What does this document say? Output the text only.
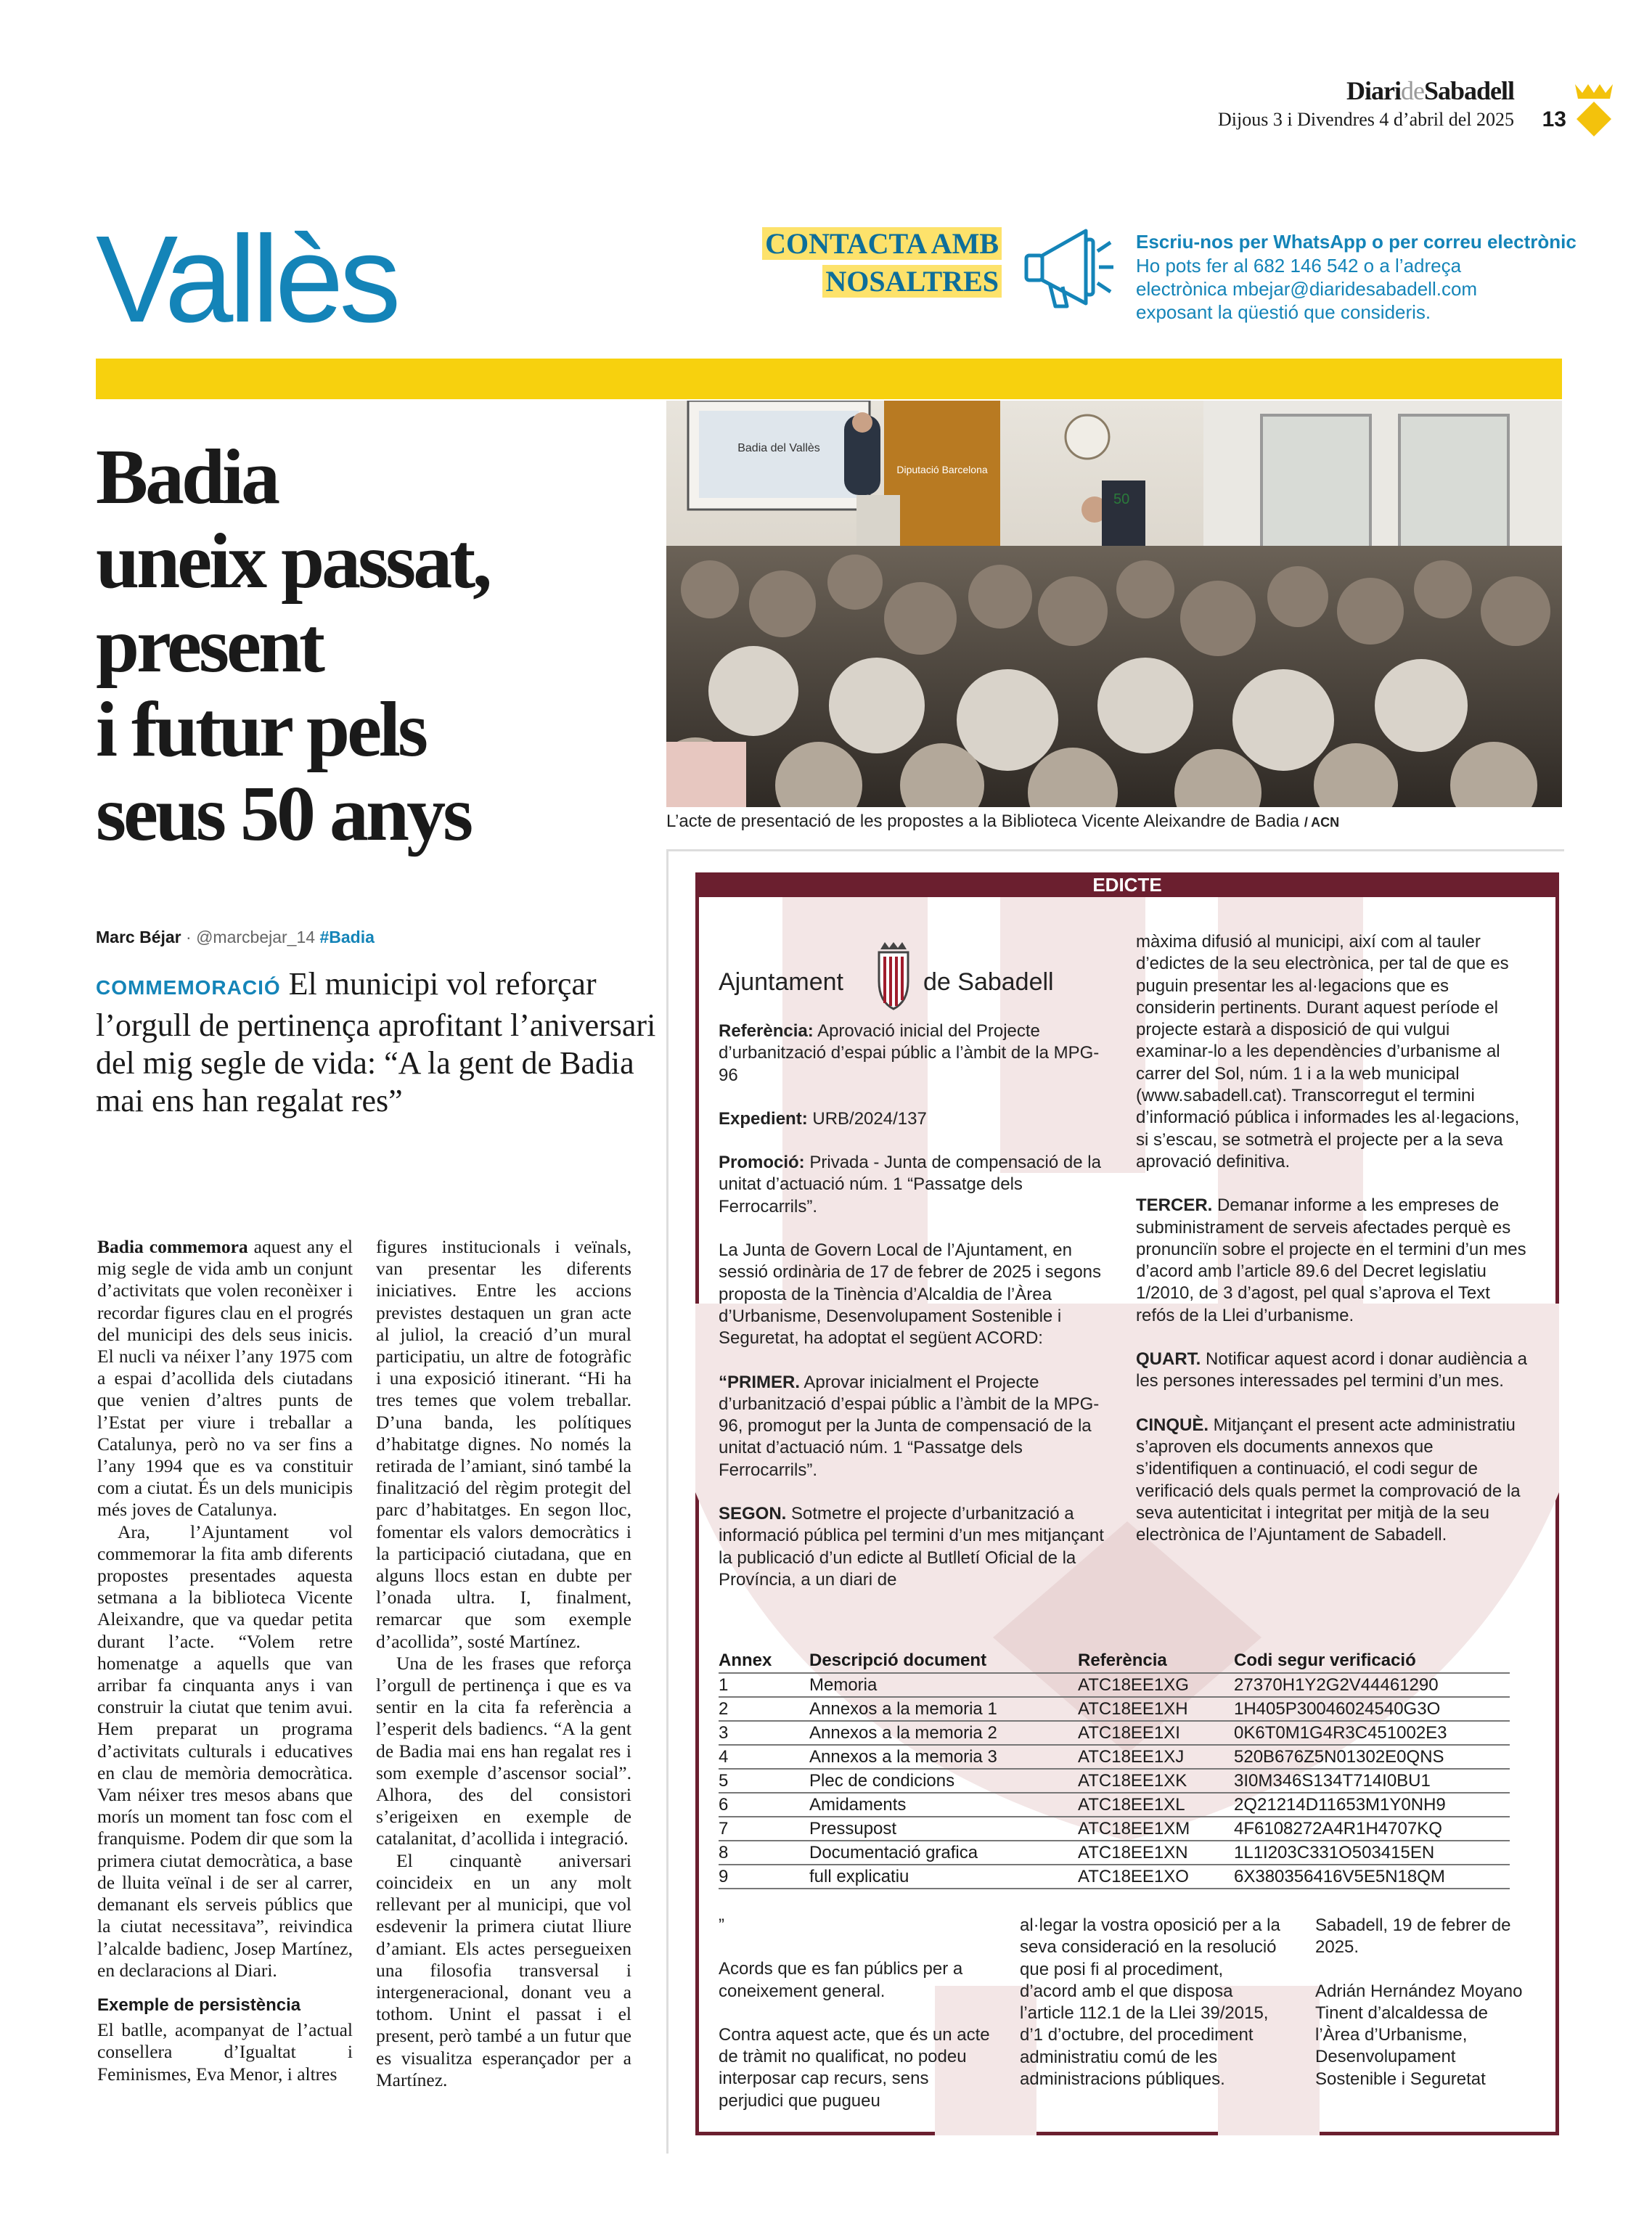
DiarideSabadell
Dijous 3 i Divendres 4 d’abril del 2025 13
Vallès	CONTACTA AMB
NOSALTRES
Escriu-nos per WhatsApp o per correu electrònic
Ho pots fer al 682 146 542 o a l’adreça
electrònica mbejar@diaridesabadell.com
exposant la qüestió que consideris.
Badia
uneix passat,
present
i futur pels
seus 50 anys
Marc Béjar · @marcbejar_14 #Badia
COMMEMORACIÓ El municipi vol reforçar l’orgull de pertinença aprofitant l’aniversari del mig segle de vida: “A la gent de Badia mai ens han regalat res”

Badia commemora aquest any el mig segle de vida amb un conjunt d’activitats que volen reconèixer i recordar figures clau en el progrés del municipi des dels seus inicis. El nucli va néixer l’any 1975 com a espai d’acollida dels ciutadans que venien d’altres punts de l’Estat per viure i treballar a Catalunya, però no va ser fins a l’any 1994 que es va constituir com a ciutat. És un dels municipis més joves de Catalunya.

Ara, l’Ajuntament vol commemorar la fita amb diferents propostes presentades aquesta setmana a la biblioteca Vicente Aleixandre, que va quedar petita durant l’acte. “Volem retre homenatge a aquells que van arribar fa cinquanta anys i van construir la ciutat que tenim avui. Hem preparat un programa d’activitats culturals i educatives en clau de memòria democràtica. Vam néixer tres mesos abans que morís un moment tan fosc com el franquisme. Podem dir que som la primera ciutat democràtica, a base de lluita veïnal i de ser al carrer, demanant els serveis públics que la ciutat necessitava”, reivindica l’alcalde badienc, Josep Martínez, en declaracions al Diari.

Exemple de persistència

El batlle, acompanyat de l’actual consellera d’Igualtat i Feminismes, Eva Menor, i altres

figures institucionals i veïnals, van presentar les diferents iniciatives. Entre les accions previstes destaquen un gran acte al juliol, la creació d’un mural participatiu, un altre de fotogràfic i una exposició itinerant. “Hi ha tres temes que volem treballar. D’una banda, les polítiques d’habitatge dignes. No només la retirada de l’amiant, sinó també la finalització del règim protegit del parc d’habitatges. En segon lloc, fomentar els valors democràtics i la participació ciutadana, que en alguns llocs estan en dubte per l’onada ultra. I, finalment, remarcar que som exemple d’acollida”, sosté Martínez.

Una de les frases que reforça l’orgull de pertinença i que es va sentir en la cita fa referència a l’esperit dels badiencs. “A la gent de Badia mai ens han regalat res i som exemple d’ascensor social”. Alhora, des del consistori s’erigeixen en exemple de catalanitat, d’acollida i integració.

El cinquantè aniversari coincideix en un any molt rellevant per al municipi, que vol esdevenir la primera ciutat lliure d’amiant. Els actes persegueixen una filosofia transversal i intergeneracional, donant veu a tothom. Unint el passat i el present, però també a un futur que es visualitza esperançador per a Martínez.

Badia del Vallès
Diputació Barcelona
50
L’acte de presentació de les propostes a la Biblioteca Vicente Aleixandre de Badia / ACN
EDICTE
Ajuntament	de Sabadell

Referència: Aprovació inicial del Projecte d’urbanització d’espai públic a l’àmbit de la MPG-96

Expedient: URB/2024/137

Promoció: Privada - Junta de compensació de la unitat d’actuació núm. 1 “Passatge dels Ferrocarrils”.

La Junta de Govern Local de l’Ajuntament, en sessió ordinària de 17 de febrer de 2025 i segons proposta de la Tinència d’Alcaldia de l’Àrea d’Urbanisme, Desenvolupament Sostenible i Seguretat, ha adoptat el següent ACORD:

“PRIMER. Aprovar inicialment el Projecte d’urbanització d’espai públic a l’àmbit de la MPG-96, promogut per la Junta de compensació de la unitat d’actuació núm. 1 “Passatge dels Ferrocarrils”.

SEGON. Sotmetre el projecte d’urbanització a informació pública pel termini d’un mes mitjançant la publicació d’un edicte al Butlletí Oficial de la Província, a un diari de

màxima difusió al municipi, així com al tauler d’edictes de la seu electrònica, per tal de que es puguin presentar les al·legacions que es considerin pertinents. Durant aquest període el projecte estarà a disposició de qui vulgui examinar-lo a les dependències d’urbanisme al carrer del Sol, núm. 1 i a la web municipal (www.sabadell.cat). Transcorregut el termini d’informació pública i informades les al·legacions, si s’escau, se sotmetrà el projecte per a la seva aprovació definitiva.

TERCER. Demanar informe a les empreses de subministrament de serveis afectades perquè es pronunciïn sobre el projecte en el termini d’un mes d’acord amb l’article 89.6 del Decret legislatiu 1/2010, de 3 d’agost, pel qual s’aprova el Text refós de la Llei d’urbanisme.

QUART. Notificar aquest acord i donar audiència a les persones interessades pel termini d’un mes.

CINQUÈ. Mitjançant el present acte administratiu s’aproven els documents annexos que s’identifiquen a continuació, el codi segur de verificació dels quals permet la comprovació de la seva autenticitat i integritat per mitjà de la seu electrònica de l’Ajuntament de Sabadell.

Annex	Descripció document	Referència	Codi segur verificació
1	Memoria	ATC18EE1XG	27370H1Y2G2V44461290
2	Annexos a la memoria 1	ATC18EE1XH	1H405P30046024540G3O
3	Annexos a la memoria 2	ATC18EE1XI	0K6T0M1G4R3C451002E3
4	Annexos a la memoria 3	ATC18EE1XJ	520B676Z5N01302E0QNS
5	Plec de condicions	ATC18EE1XK	3I0M346S134T714I0BU1
6	Amidaments	ATC18EE1XL	2Q21214D11653M1Y0NH9
7	Pressupost	ATC18EE1XM	4F6108272A4R1H4707KQ
8	Documentació grafica	ATC18EE1XN	1L1I203C331O503415EN
9	full explicatiu	ATC18EE1XO	6X380356416V5E5N18QM
”
Acords que es fan públics per a coneixement general.
Contra aquest acte, que és un acte de tràmit no qualificat, no podeu interposar cap recurs, sens perjudici que pugueu
al·legar la vostra oposició per a la seva consideració en la resolució que posi fi al procediment, d’acord amb el que disposa l’article 112.1 de la Llei 39/2015, d’1 d’octubre, del procediment administratiu comú de les administracions públiques.
Sabadell, 19 de febrer de 2025.
Adrián Hernández Moyano
Tinent d’alcaldessa de l’Àrea d’Urbanisme, Desenvolupament Sostenible i Seguretat
